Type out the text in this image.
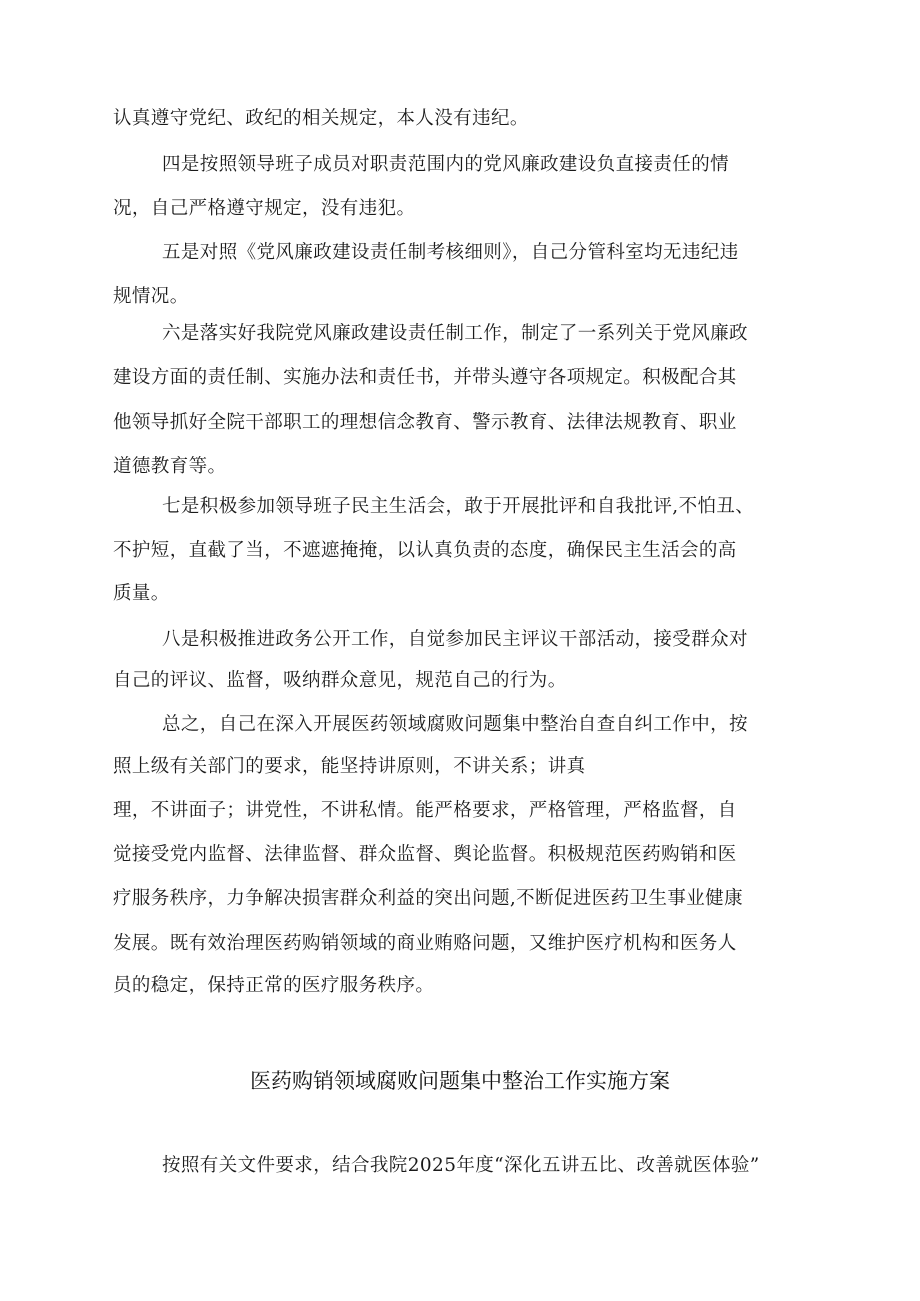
认真遵守党纪、政纪的相关规定，本人没有违纪。
四是按照领导班子成员对职责范围内的党风廉政建设负直接责任的情
况，自己严格遵守规定，没有违犯。
五是对照《党风廉政建设责任制考核细则》，自己分管科室均无违纪违
规情况。
六是落实好我院党风廉政建设责任制工作，制定了一系列关于党风廉政
建设方面的责任制、实施办法和责任书，并带头遵守各项规定。积极配合其
他领导抓好全院干部职工的理想信念教育、警示教育、法律法规教育、职业
道德教育等。
七是积极参加领导班子民主生活会，敢于开展批评和自我批评,不怕丑、
不护短，直截了当，不遮遮掩掩，以认真负责的态度，确保民主生活会的高
质量。
八是积极推进政务公开工作，自觉参加民主评议干部活动，接受群众对
自己的评议、监督，吸纳群众意见，规范自己的行为。
总之，自己在深入开展医药领域腐败问题集中整治自查自纠工作中，按
照上级有关部门的要求，能坚持讲原则，不讲关系；讲真
理，不讲面子；讲党性，不讲私情。能严格要求，严格管理，严格监督，自
觉接受党内监督、法律监督、群众监督、舆论监督。积极规范医药购销和医
疗服务秩序，力争解决损害群众利益的突出问题,不断促进医药卫生事业健康
发展。既有效治理医药购销领域的商业贿赂问题，又维护医疗机构和医务人
员的稳定，保持正常的医疗服务秩序。
医药购销领域腐败问题集中整治工作实施方案
按照有关文件要求，结合我院2025年度“深化五讲五比、改善就医体验”
